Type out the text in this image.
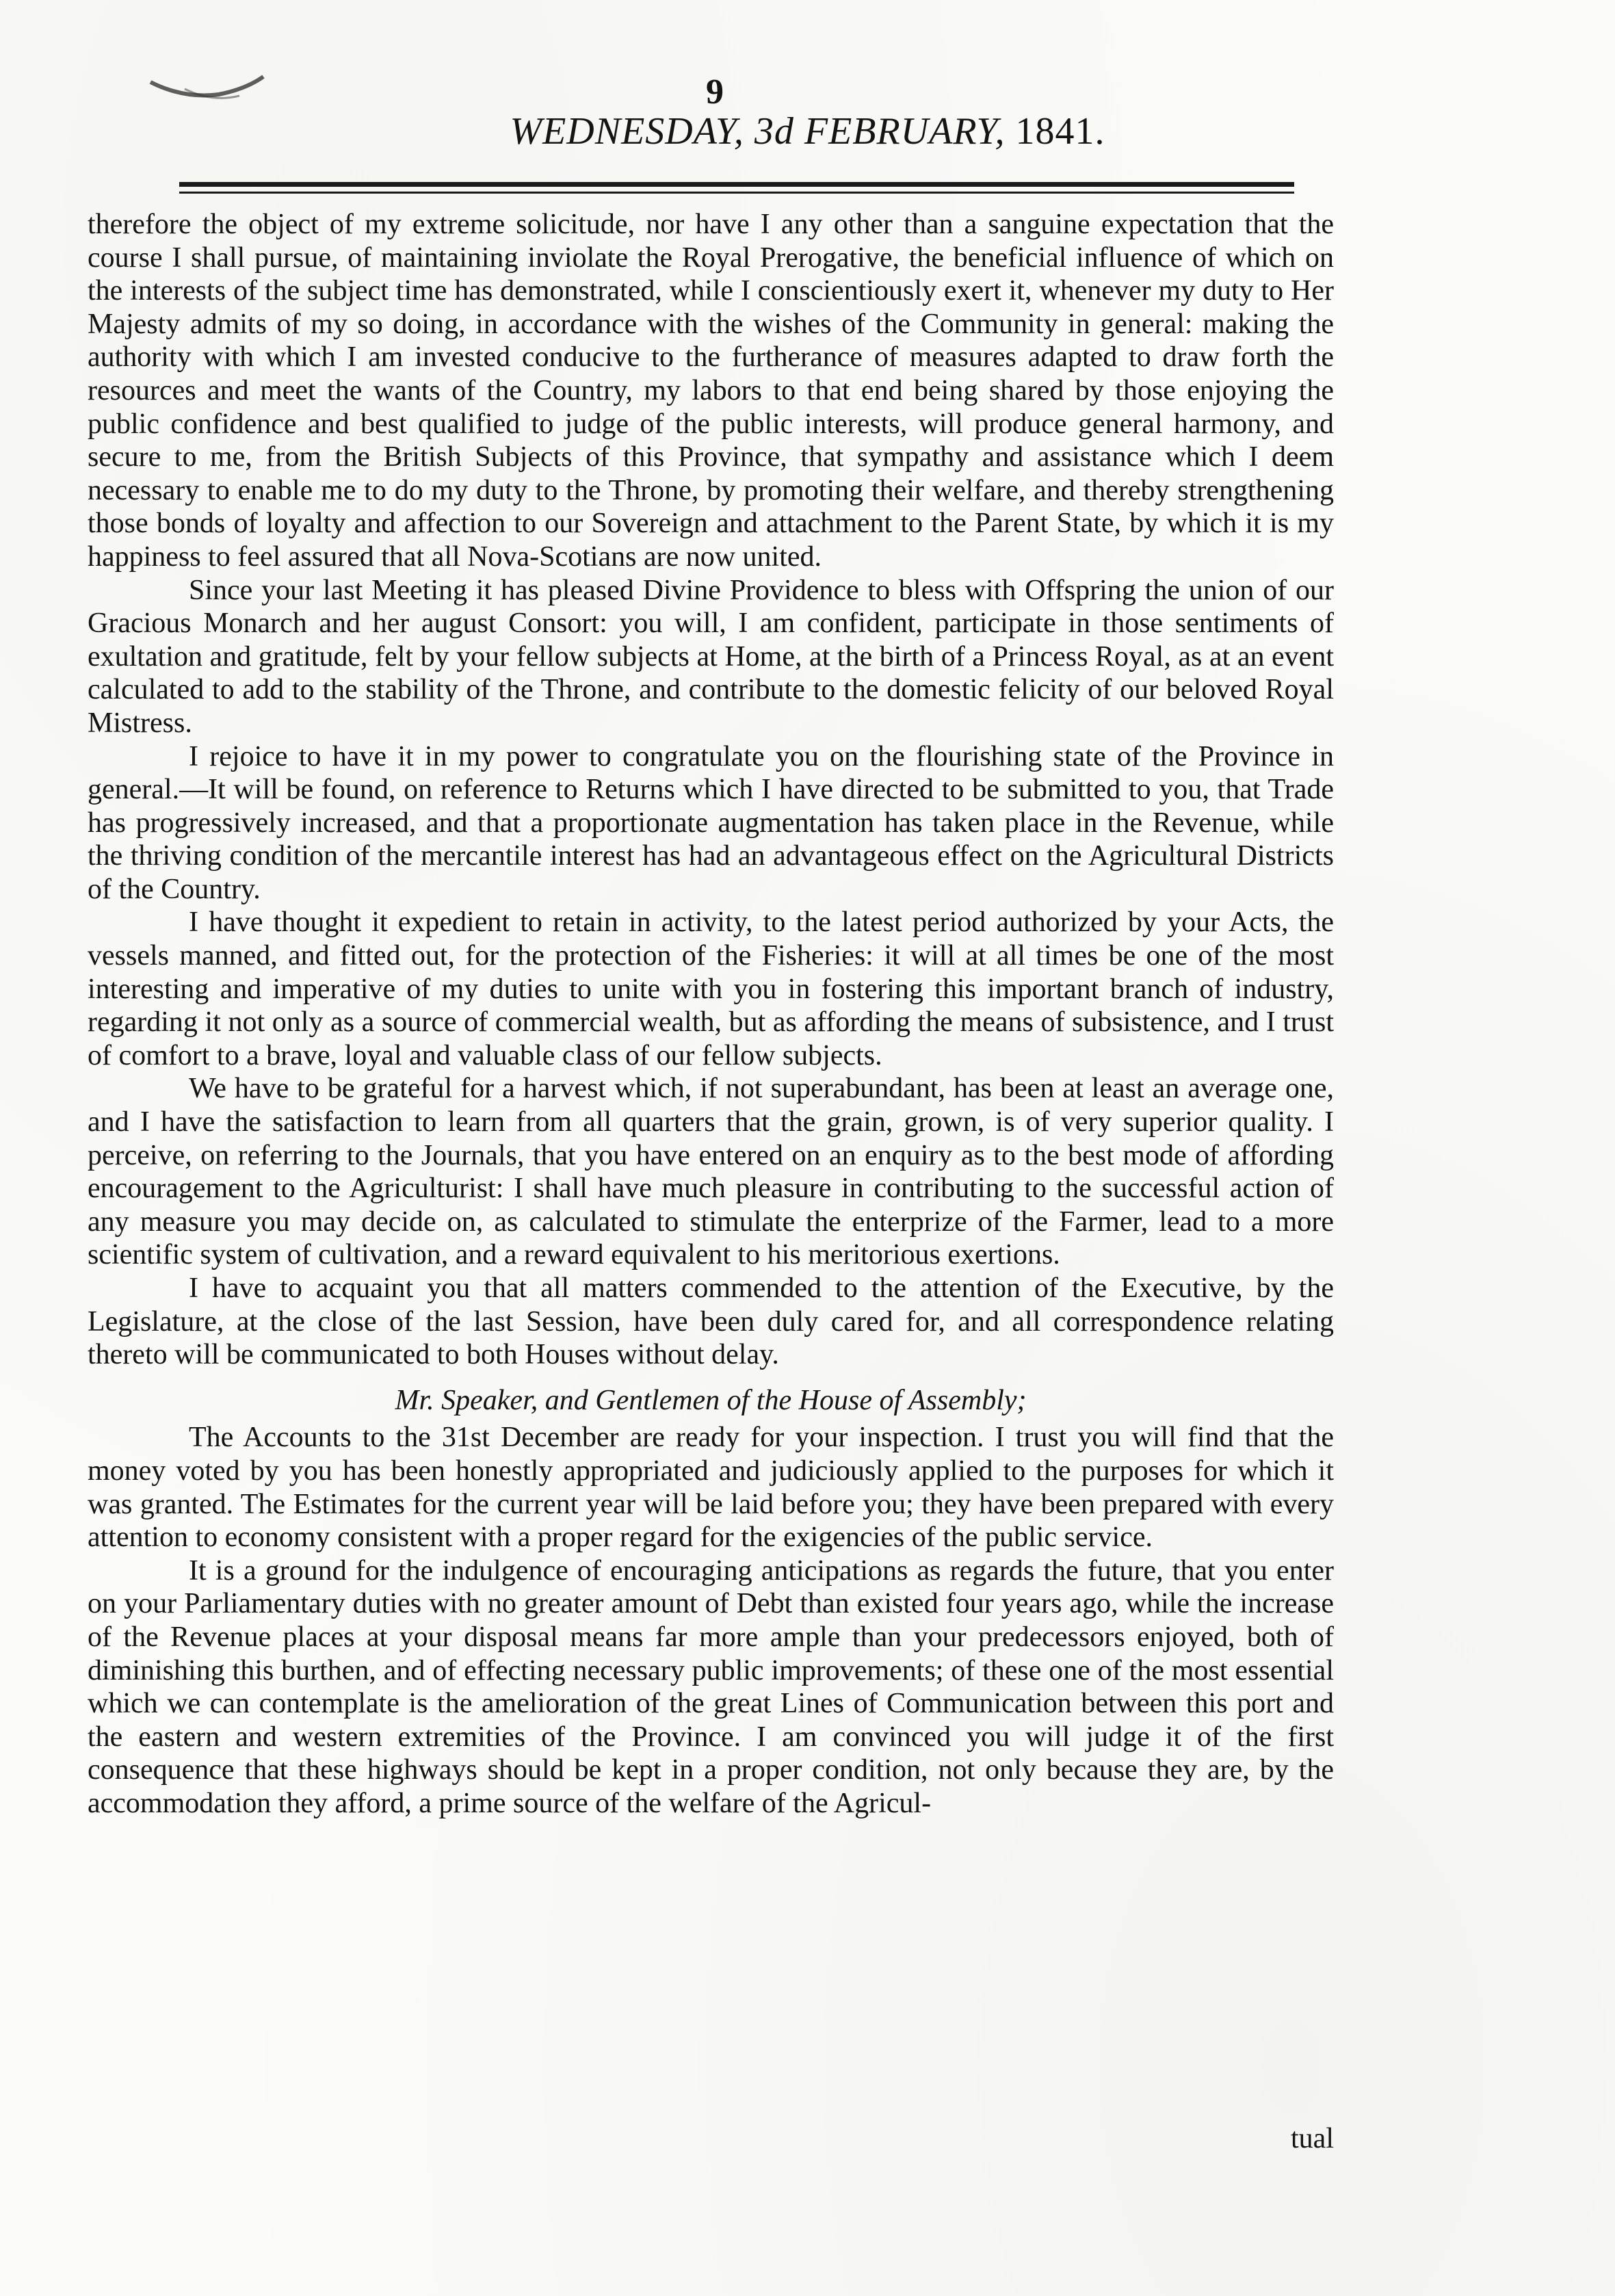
9
WEDNESDAY, 3d FEBRUARY, 1841.

therefore the object of my extreme solicitude, nor have I any other than a sanguine expectation that the course I shall pursue, of maintaining inviolate the Royal Prerogative, the beneficial influence of which on the interests of the subject time has demonstrated, while I conscientiously exert it, whenever my duty to Her Majesty admits of my so doing, in accordance with the wishes of the Community in general: making the authority with which I am invested conducive to the furtherance of measures adapted to draw forth the resources and meet the wants of the Country, my labors to that end being shared by those enjoying the public confidence and best qualified to judge of the public interests, will produce general harmony, and secure to me, from the British Subjects of this Province, that sympathy and assistance which I deem necessary to enable me to do my duty to the Throne, by promoting their welfare, and thereby strengthening those bonds of loyalty and affection to our Sovereign and attachment to the Parent State, by which it is my happiness to feel assured that all Nova-Scotians are now united.

Since your last Meeting it has pleased Divine Providence to bless with Offspring the union of our Gracious Monarch and her august Consort: you will, I am confident, participate in those sentiments of exultation and gratitude, felt by your fellow subjects at Home, at the birth of a Princess Royal, as at an event calculated to add to the stability of the Throne, and contribute to the domestic felicity of our beloved Royal Mistress.

I rejoice to have it in my power to congratulate you on the flourishing state of the Province in general.—It will be found, on reference to Returns which I have directed to be submitted to you, that Trade has progressively increased, and that a proportionate augmentation has taken place in the Revenue, while the thriving condition of the mercantile interest has had an advantageous effect on the Agricultural Districts of the Country.

I have thought it expedient to retain in activity, to the latest period authorized by your Acts, the vessels manned, and fitted out, for the protection of the Fisheries: it will at all times be one of the most interesting and imperative of my duties to unite with you in fostering this important branch of industry, regarding it not only as a source of commercial wealth, but as affording the means of subsistence, and I trust of comfort to a brave, loyal and valuable class of our fellow subjects.

We have to be grateful for a harvest which, if not superabundant, has been at least an average one, and I have the satisfaction to learn from all quarters that the grain, grown, is of very superior quality. I perceive, on referring to the Journals, that you have entered on an enquiry as to the best mode of affording encouragement to the Agriculturist: I shall have much pleasure in contributing to the successful action of any measure you may decide on, as calculated to stimulate the enterprize of the Farmer, lead to a more scientific system of cultivation, and a reward equivalent to his meritorious exertions.

I have to acquaint you that all matters commended to the attention of the Executive, by the Legislature, at the close of the last Session, have been duly cared for, and all correspondence relating thereto will be communicated to both Houses without delay.

Mr. Speaker, and Gentlemen of the House of Assembly;

The Accounts to the 31st December are ready for your inspection. I trust you will find that the money voted by you has been honestly appropriated and judiciously applied to the purposes for which it was granted. The Estimates for the current year will be laid before you; they have been prepared with every attention to economy consistent with a proper regard for the exigencies of the public service.

It is a ground for the indulgence of encouraging anticipations as regards the future, that you enter on your Parliamentary duties with no greater amount of Debt than existed four years ago, while the increase of the Revenue places at your disposal means far more ample than your predecessors enjoyed, both of diminishing this burthen, and of effecting necessary public improvements; of these one of the most essential which we can contemplate is the amelioration of the great Lines of Communication between this port and the eastern and western extremities of the Province. I am convinced you will judge it of the first consequence that these highways should be kept in a proper condition, not only because they are, by the accommodation they afford, a prime source of the welfare of the Agricul-

tual
